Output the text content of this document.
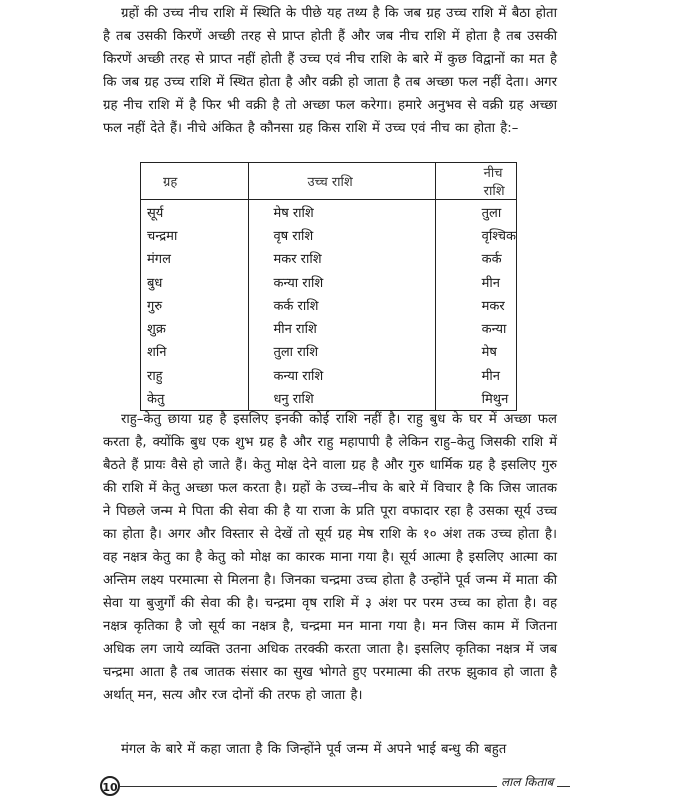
ग्रहों की उच्च नीच राशि में स्थिति के पीछे यह तथ्य है कि जब ग्रह उच्च राशि में बैठा होता है तब उसकी किरणें अच्छी तरह से प्राप्त होती हैं और जब नीच राशि में होता है तब उसकी किरणें अच्छी तरह से प्राप्त नहीं होती हैं उच्च एवं नीच राशि के बारे में कुछ विद्वानों का मत है कि जब ग्रह उच्च राशि में स्थित होता है और वक्री हो जाता है तब अच्छा फल नहीं देता। अगर ग्रह नीच राशि में है फिर भी वक्री है तो अच्छा फल करेगा। हमारे अनुभव से वक्री ग्रह अच्छा फल नहीं देते हैं। नीचे अंकित है कौनसा ग्रह किस राशि में उच्च एवं नीच का होता है:–

ग्रह	उच्च राशि	नीच राशि
सूर्य	मेष राशि	तुला
चन्द्रमा	वृष राशि	वृश्चिक
मंगल	मकर राशि	कर्क
बुध	कन्या राशि	मीन
गुरु	कर्क राशि	मकर
शुक्र	मीन राशि	कन्या
शनि	तुला राशि	मेष
राहु	कन्या राशि	मीन
केतु	धनु राशि	मिथुन

राहु–केतु छाया ग्रह है इसलिए इनकी कोई राशि नहीं है। राहु बुध के घर में अच्छा फल करता है, क्योंकि बुध एक शुभ ग्रह है और राहु महापापी है लेकिन राहु–केतु जिसकी राशि में बैठते हैं प्रायः वैसे हो जाते हैं। केतु मोक्ष देने वाला ग्रह है और गुरु धार्मिक ग्रह है इसलिए गुरु की राशि में केतु अच्छा फल करता है। ग्रहों के उच्च–नीच के बारे में विचार है कि जिस जातक ने पिछले जन्म मे पिता की सेवा की है या राजा के प्रति पूरा वफादार रहा है उसका सूर्य उच्च का होता है। अगर और विस्तार से देखें तो सूर्य ग्रह मेष राशि के १० अंश तक उच्च होता है। वह नक्षत्र केतु का है केतु को मोक्ष का कारक माना गया है। सूर्य आत्मा है इसलिए आत्मा का अन्तिम लक्ष्य परमात्मा से मिलना है। जिनका चन्द्रमा उच्च होता है उन्होंने पूर्व जन्म में माता की सेवा या बुजुर्गों की सेवा की है। चन्द्रमा वृष राशि में ३ अंश पर परम उच्च का होता है। वह नक्षत्र कृतिका है जो सूर्य का नक्षत्र है, चन्द्रमा मन माना गया है। मन जिस काम में जितना अधिक लग जाये व्यक्ति उतना अधिक तरक्की करता जाता है। इसलिए कृतिका नक्षत्र में जब चन्द्रमा आता है तब जातक संसार का सुख भोगते हुए परमात्मा की तरफ झुकाव हो जाता है अर्थात् मन, सत्य और रज दोनों की तरफ हो जाता है।

मंगल के बारे में कहा जाता है कि जिन्होंने पूर्व जन्म में अपने भाई बन्धु की बहुत

10	लाल किताब
